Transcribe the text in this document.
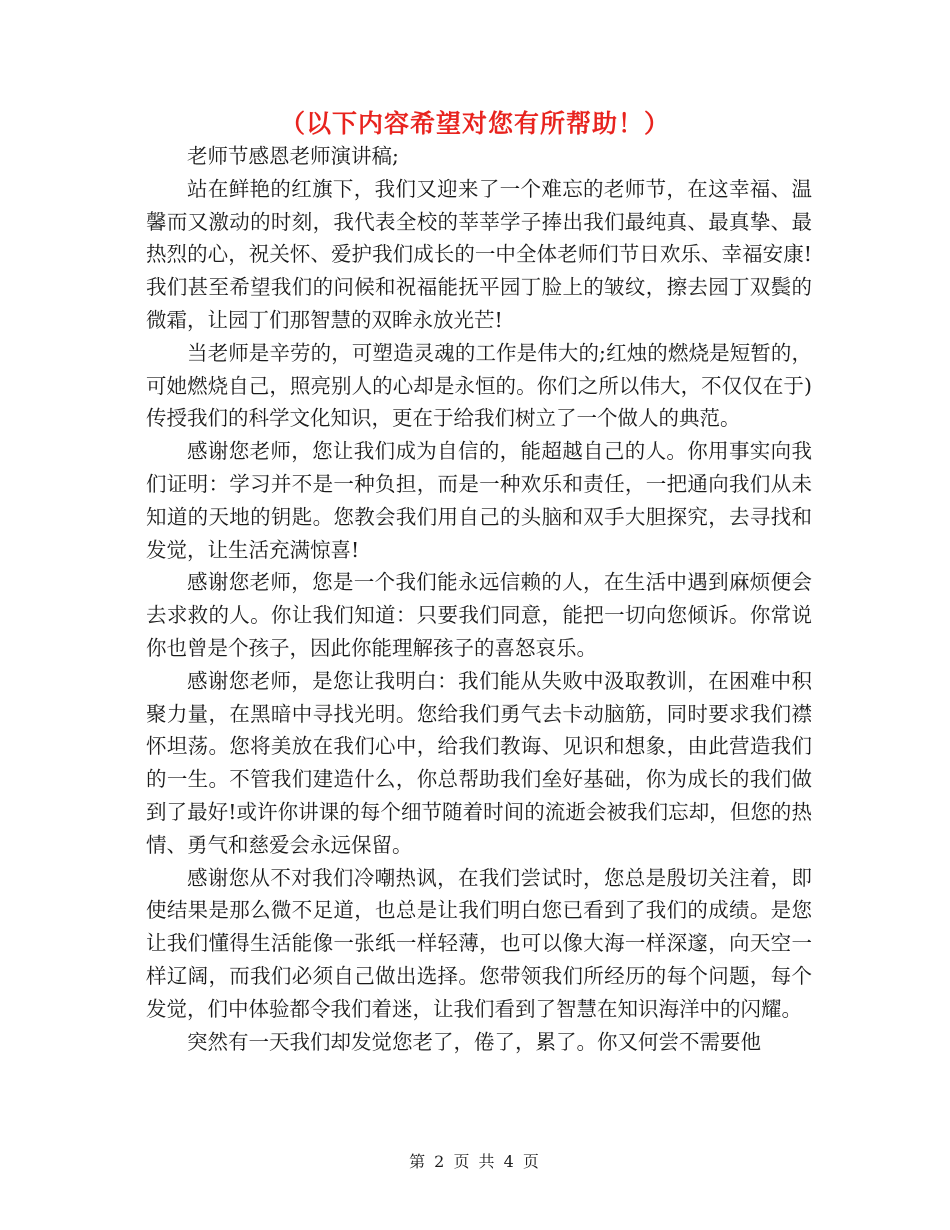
（以下内容希望对您有所帮助！）

老师节感恩老师演讲稿;

站在鲜艳的红旗下，我们又迎来了一个难忘的老师节，在这幸福、温馨而又激动的时刻，我代表全校的莘莘学子捧出我们最纯真、最真挚、最热烈的心，祝关怀、爱护我们成长的一中全体老师们节日欢乐、幸福安康!我们甚至希望我们的问候和祝福能抚平园丁脸上的皱纹，擦去园丁双鬓的微霜，让园丁们那智慧的双眸永放光芒!

当老师是辛劳的，可塑造灵魂的工作是伟大的;红烛的燃烧是短暂的，可她燃烧自己，照亮别人的心却是永恒的。你们之所以伟大，不仅仅在于)传授我们的科学文化知识，更在于给我们树立了一个做人的典范。

感谢您老师，您让我们成为自信的，能超越自己的人。你用事实向我们证明：学习并不是一种负担，而是一种欢乐和责任，一把通向我们从未知道的天地的钥匙。您教会我们用自己的头脑和双手大胆探究，去寻找和发觉，让生活充满惊喜!

感谢您老师，您是一个我们能永远信赖的人，在生活中遇到麻烦便会去求救的人。你让我们知道：只要我们同意，能把一切向您倾诉。你常说你也曾是个孩子，因此你能理解孩子的喜怒哀乐。

感谢您老师，是您让我明白：我们能从失败中汲取教训，在困难中积聚力量，在黑暗中寻找光明。您给我们勇气去卡动脑筋，同时要求我们襟怀坦荡。您将美放在我们心中，给我们教诲、见识和想象，由此营造我们的一生。不管我们建造什么，你总帮助我们垒好基础，你为成长的我们做到了最好!或许你讲课的每个细节随着时间的流逝会被我们忘却，但您的热情、勇气和慈爱会永远保留。

感谢您从不对我们冷嘲热讽，在我们尝试时，您总是殷切关注着，即使结果是那么微不足道，也总是让我们明白您已看到了我们的成绩。是您让我们懂得生活能像一张纸一样轻薄，也可以像大海一样深邃，向天空一样辽阔，而我们必须自己做出选择。您带领我们所经历的每个问题，每个发觉，们中体验都令我们着迷，让我们看到了智慧在知识海洋中的闪耀。

突然有一天我们却发觉您老了，倦了，累了。你又何尝不需要他

第 2 页 共 4 页
